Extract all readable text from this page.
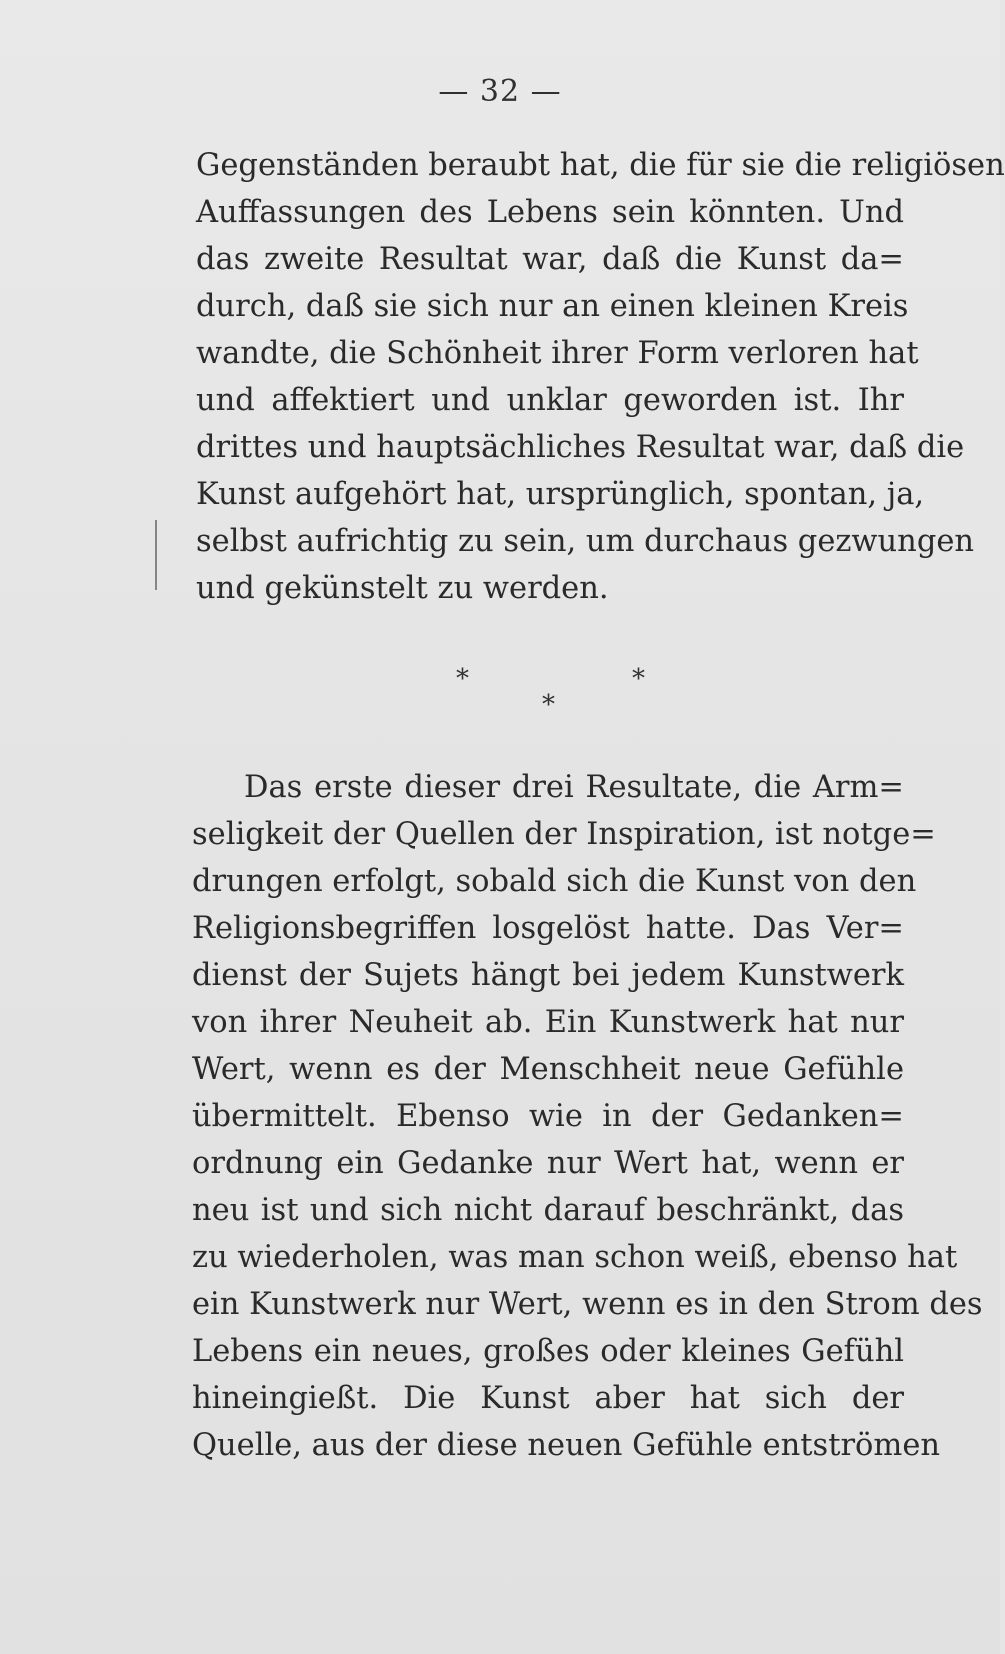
— 32 —
Gegenständen beraubt hat, die für sie die religiösen
Auffassungen des Lebens sein könnten. Und
das zweite Resultat war, daß die Kunst da=
durch, daß sie sich nur an einen kleinen Kreis
wandte, die Schönheit ihrer Form verloren hat
und affektiert und unklar geworden ist. Ihr
drittes und hauptsächliches Resultat war, daß die
Kunst aufgehört hat, ursprünglich, spontan, ja,
selbst aufrichtig zu sein, um durchaus gezwungen
und gekünstelt zu werden.
*	*
*
Das erste dieser drei Resultate, die Arm=
seligkeit der Quellen der Inspiration, ist notge=
drungen erfolgt, sobald sich die Kunst von den
Religionsbegriffen losgelöst hatte. Das Ver=
dienst der Sujets hängt bei jedem Kunstwerk
von ihrer Neuheit ab. Ein Kunstwerk hat nur
Wert, wenn es der Menschheit neue Gefühle
übermittelt. Ebenso wie in der Gedanken=
ordnung ein Gedanke nur Wert hat, wenn er
neu ist und sich nicht darauf beschränkt, das
zu wiederholen, was man schon weiß, ebenso hat
ein Kunstwerk nur Wert, wenn es in den Strom des
Lebens ein neues, großes oder kleines Gefühl
hineingießt. Die Kunst aber hat sich der
Quelle, aus der diese neuen Gefühle entströmen
